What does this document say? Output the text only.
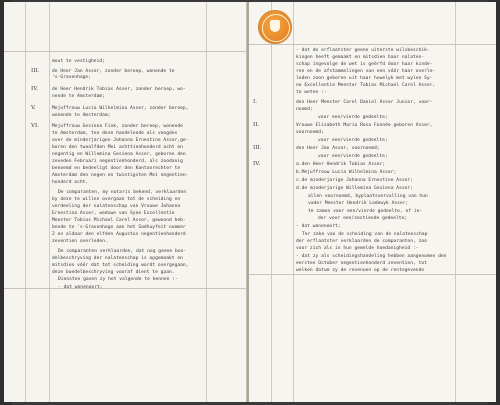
mout te vestigheid;
de Heer Jan Asser, zonder beroep, wonende te
's-Gravenhage;
de Heer Hendrik Tobias Asser, zonder beroep, wo-
nende te Amsterdam;
Mejuffrouw Lucia Wilhelmina Asser, zonder beroep,
wonende te Amsterdam;
Mejuffrouw Gesiena Fink, zonder beroep, wonende
te Amsterdam, ten deze handelende als voogdes
over de minderjarigen Johanna Ernestine Asser,ge-
boren den twaalfden Mei achttienhonderd acht en
negentig en Willemina Gesiena Asser, geboren den
zeveden Februari negentienhonderd, als zoodanig
benoemd en bedeeligt door den Kantonrechter te
Amsterdam den negen en twintigsten Mei negentien-
honderd acht.
De comparanten, my notaris bekend, verklaarden
by deze te willen overgaan tot de scheiding en
verdeeling der nalatenschap van Vrouwe Johanna
Ernestina Asser, weduwe van Syne Excellentie
Meester Tobias Michael Carel Asser, gewoond heb-
bende te 's-Gravenhage aan het Sadhuyfeit nummer
2 en aldaar den elfden Augustus negentienhonderd
zeventien overleden.
De comparanten verklaarden, dat nog geene boe-
delbeschryving der nalatenschap is opgemaakt en
mitsdien vóór dat tot scheiding wordt overgegaan,
deze boedelbeschryving vooraf dient te gaan.
Diensten gaven zy het volgende te kennen :-
- dat wonenoort;
III.
IV.
V.
VI.
- dat de erflaatster geene uiterste wilsbeschik-
kingen heeft gemaakt en mitsdien haar nalaten-
schap ingevolge de wet is geërfd door haar kinde-
ren en de afstammelingen van een vóór haar overle-
leden zoon geboren uit haar huwelyk met wylen Sy-
ne Excellentie Meester Tobias Michael Carel Asser,
te weten :-
den Heer Meester Carel Daniel Asser Junior, voor-
noemd;
voor een/vierde gedeelte;
Vrouwe Elisabeth Maria Rosa Fonnée geboren Asser,
voornoemd;
voor een/vierde gedeelte;
den Heer Jan Asser, voornoemd;
voor een/vierde gedeelte;
a.den Heer Hendrik Tobias Asser;
b.Mejuffrouw Lucia Wilhelmina Asser;
c.de minderjarige Johanna Ernestine Asser;
d.de minderjarige Willemina Gesiena Asser;
allen voornoemd, byplaatsvervulling van hun
vader Meester Hendrik Lodewyk Asser;
te zamen voor een/vierde gedeelte, of ie-
der voor een/zestiende gedeelte;
- dat wonenoort;
Ter zake van de scheiding van de nalatenschap
der erflaatster verklaarden de comparanten, zoo
voor zich als in hun gemelde hoedanigheid :-
- dat zy als scheidingshandeling hebben aangenomen den
eersten October negentienhonderd zeventien, tot
welken datum zy de revenuen op de rentegevende
I.
II.
III.
IV.
